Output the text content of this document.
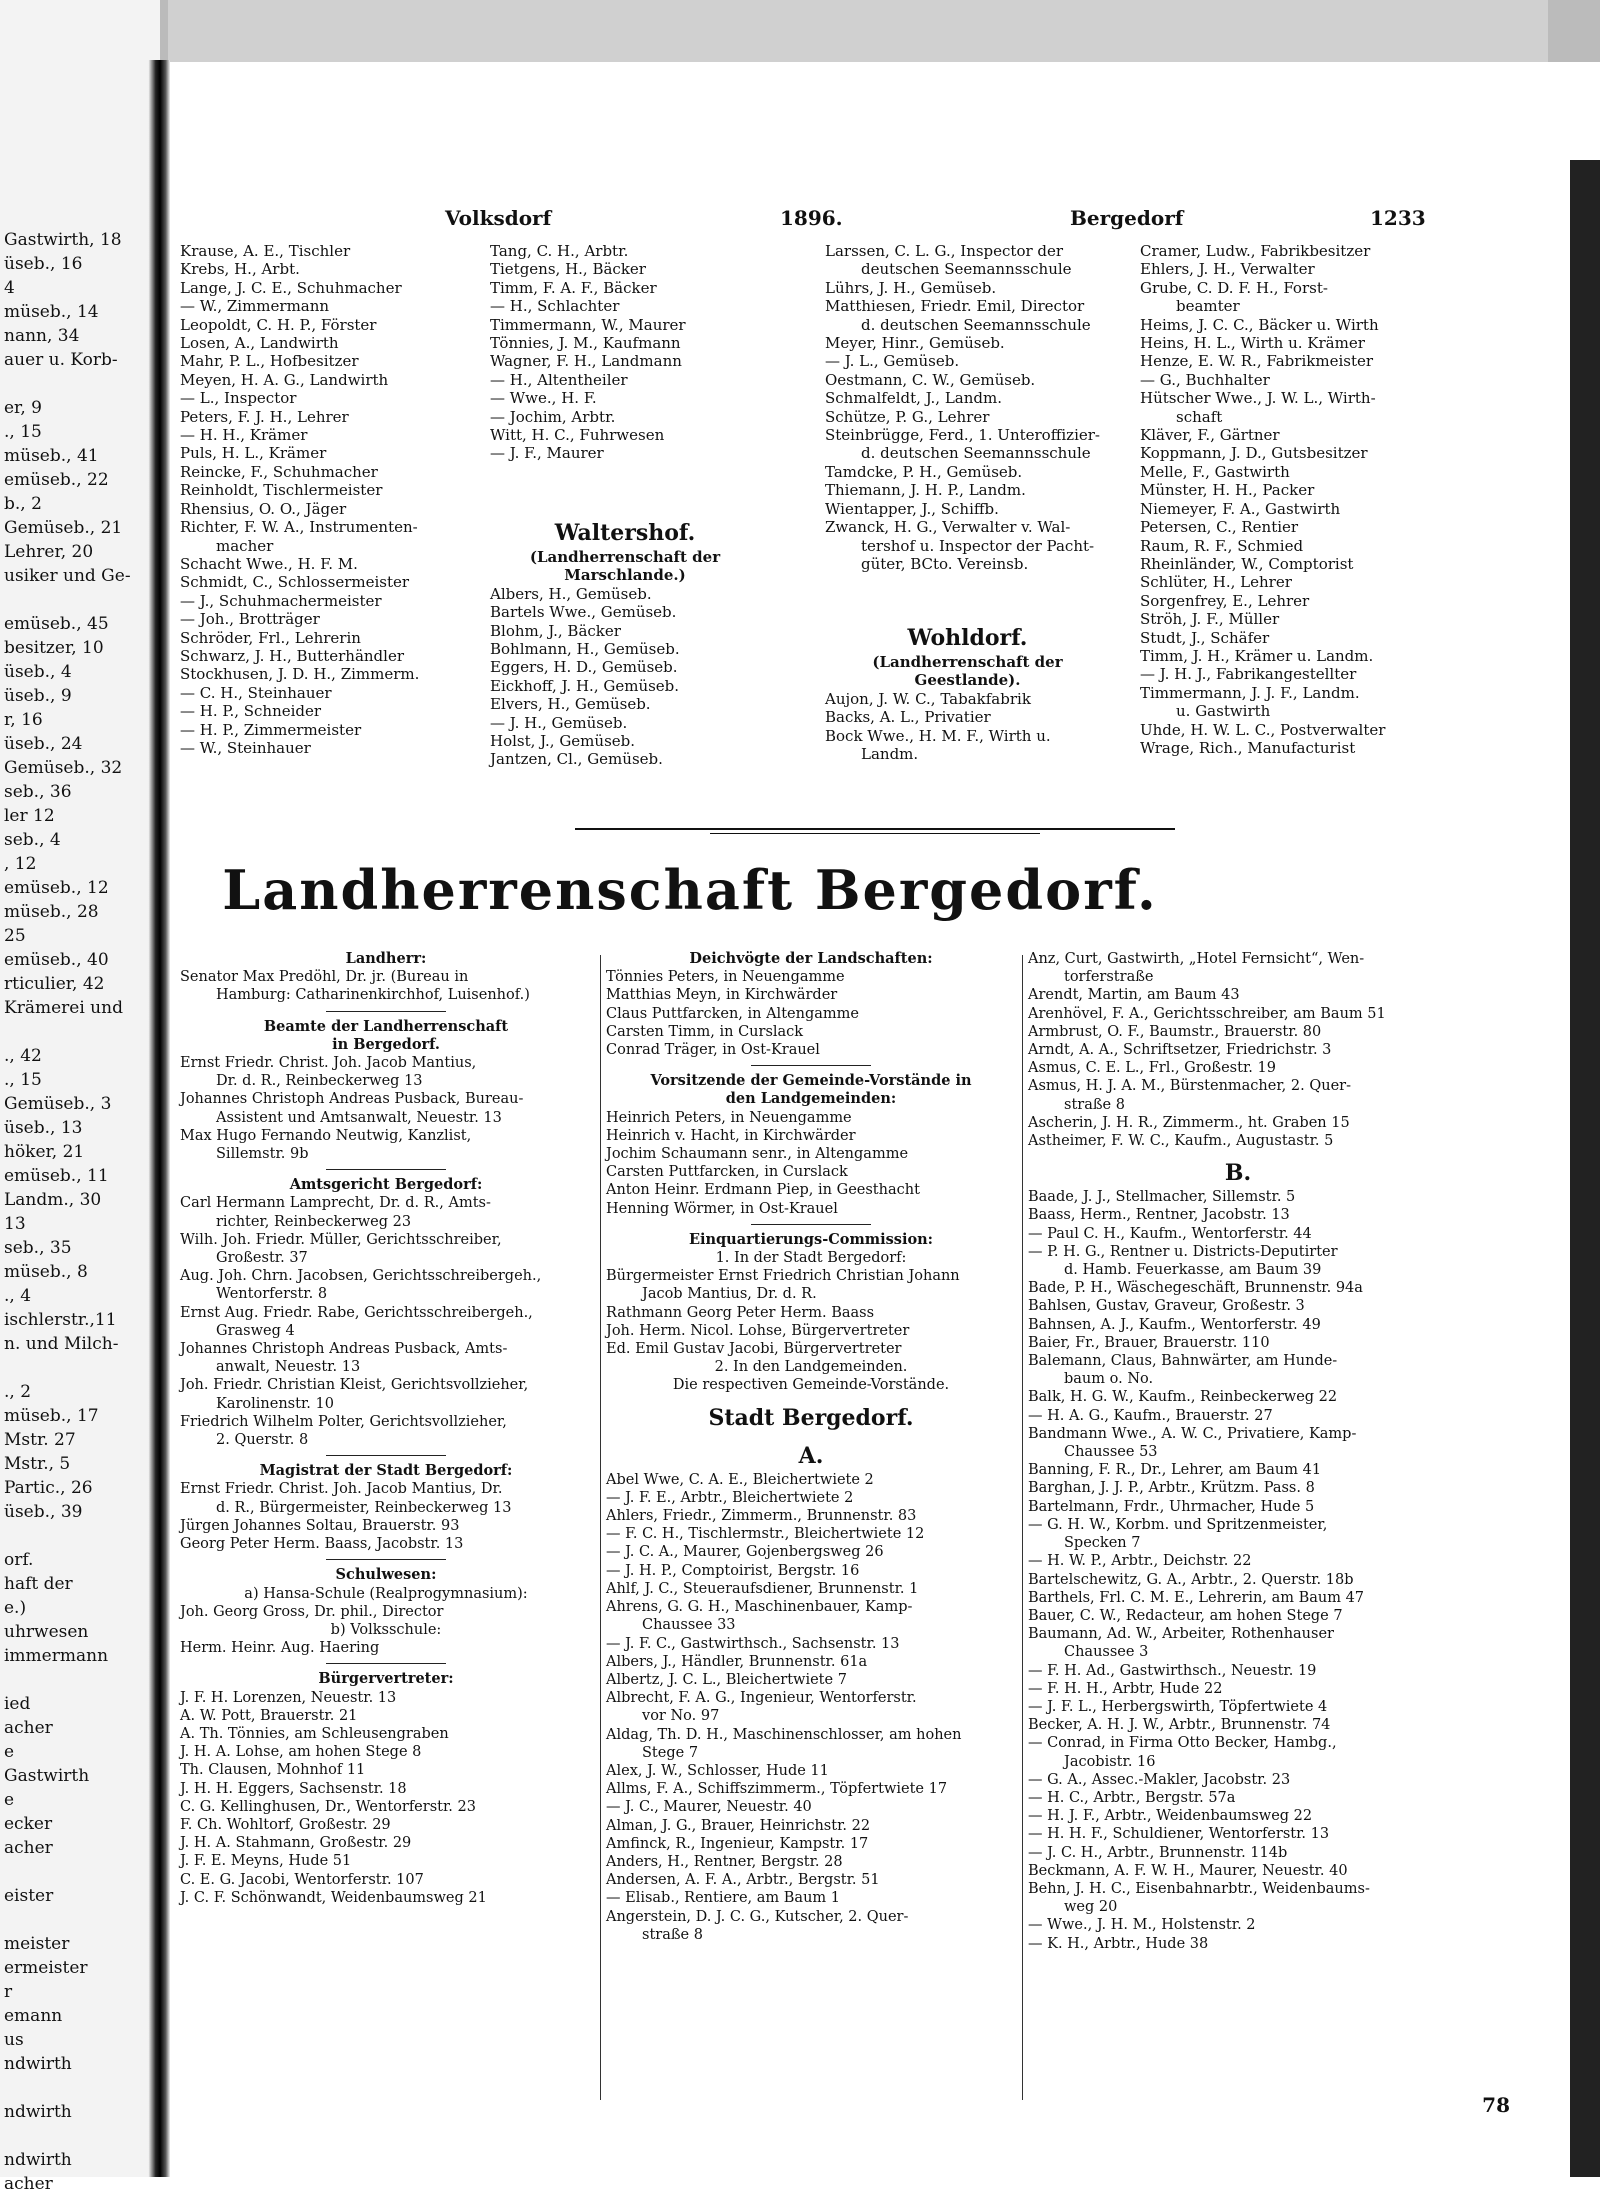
Gastwirth, 18
üseb., 16
4
müseb., 14
nann, 34
auer u. Korb-
er, 9
., 15
müseb., 41
emüseb., 22
b., 2
Gemüseb., 21
Lehrer, 20
usiker und Ge-
emüseb., 45
besitzer, 10
üseb., 4
üseb., 9
r, 16
üseb., 24
Gemüseb., 32
seb., 36
ler 12
seb., 4
, 12
emüseb., 12
müseb., 28
25
emüseb., 40
rticulier, 42
Krämerei und
., 42
., 15
Gemüseb., 3
üseb., 13
höker, 21
emüseb., 11
Landm., 30
13
seb., 35
müseb., 8
., 4
ischlerstr.,11
n. und Milch-
., 2
müseb., 17
Mstr. 27
Mstr., 5
Partic., 26
üseb., 39
orf.
haft der
e.)
uhrwesen
immermann
ied
acher
e
Gastwirth
e
ecker
acher
eister
meister
ermeister
r
emann
us
ndwirth
ndwirth
ndwirth
acher
Volksdorf	1896.	Bergedorf	1233
Krause, A. E., Tischler
Krebs, H., Arbt.
Lange, J. C. E., Schuhmacher
— W., Zimmermann
Leopoldt, C. H. P., Förster
Losen, A., Landwirth
Mahr, P. L., Hofbesitzer
Meyen, H. A. G., Landwirth
— L., Inspector
Peters, F. J. H., Lehrer
— H. H., Krämer
Puls, H. L., Krämer
Reincke, F., Schuhmacher
Reinholdt, Tischlermeister
Rhensius, O. O., Jäger
Richter, F. W. A., Instrumenten-
macher
Schacht Wwe., H. F. M.
Schmidt, C., Schlossermeister
— J., Schuhmachermeister
— Joh., Brotträger
Schröder, Frl., Lehrerin
Schwarz, J. H., Butterhändler
Stockhusen, J. D. H., Zimmerm.
— C. H., Steinhauer
— H. P., Schneider
— H. P., Zimmermeister
— W., Steinhauer
Tang, C. H., Arbtr.
Tietgens, H., Bäcker
Timm, F. A. F., Bäcker
— H., Schlachter
Timmermann, W., Maurer
Tönnies, J. M., Kaufmann
Wagner, F. H., Landmann
— H., Altentheiler
— Wwe., H. F.
— Jochim, Arbtr.
Witt, H. C., Fuhrwesen
— J. F., Maurer
Larssen, C. L. G., Inspector der
deutschen Seemannsschule
Lührs, J. H., Gemüseb.
Matthiesen, Friedr. Emil, Director
d. deutschen Seemannsschule
Meyer, Hinr., Gemüseb.
— J. L., Gemüseb.
Oestmann, C. W., Gemüseb.
Schmalfeldt, J., Landm.
Schütze, P. G., Lehrer
Steinbrügge, Ferd., 1. Unteroffizier-
d. deutschen Seemannsschule
Tamdcke, P. H., Gemüseb.
Thiemann, J. H. P., Landm.
Wientapper, J., Schiffb.
Zwanck, H. G., Verwalter v. Wal-
tershof u. Inspector der Pacht-
güter, BCto. Vereinsb.
Cramer, Ludw., Fabrikbesitzer
Ehlers, J. H., Verwalter
Grube, C. D. F. H., Forst-
beamter
Heims, J. C. C., Bäcker u. Wirth
Heins, H. L., Wirth u. Krämer
Henze, E. W. R., Fabrikmeister
— G., Buchhalter
Hütscher Wwe., J. W. L., Wirth-
schaft
Kläver, F., Gärtner
Koppmann, J. D., Gutsbesitzer
Melle, F., Gastwirth
Münster, H. H., Packer
Niemeyer, F. A., Gastwirth
Petersen, C., Rentier
Raum, R. F., Schmied
Rheinländer, W., Comptorist
Schlüter, H., Lehrer
Sorgenfrey, E., Lehrer
Ströh, J. F., Müller
Studt, J., Schäfer
Timm, J. H., Krämer u. Landm.
— J. H. J., Fabrikangestellter
Timmermann, J. J. F., Landm.
u. Gastwirth
Uhde, H. W. L. C., Postverwalter
Wrage, Rich., Manufacturist
Waltershof.
(Landherrenschaft der
Marschlande.)
Albers, H., Gemüseb.
Bartels Wwe., Gemüseb.
Blohm, J., Bäcker
Bohlmann, H., Gemüseb.
Eggers, H. D., Gemüseb.
Eickhoff, J. H., Gemüseb.
Elvers, H., Gemüseb.
— J. H., Gemüseb.
Holst, J., Gemüseb.
Jantzen, Cl., Gemüseb.
Wohldorf.
(Landherrenschaft der
Geestlande).
Aujon, J. W. C., Tabakfabrik
Backs, A. L., Privatier
Bock Wwe., H. M. F., Wirth u.
Landm.
Landherrenschaft Bergedorf.
Landherr:
Senator Max Predöhl, Dr. jr. (Bureau in
Hamburg: Catharinenkirchhof, Luisenhof.)
Beamte der Landherrenschaft
in Bergedorf.
Ernst Friedr. Christ. Joh. Jacob Mantius,
Dr. d. R., Reinbeckerweg 13
Johannes Christoph Andreas Pusback, Bureau-
Assistent und Amtsanwalt, Neuestr. 13
Max Hugo Fernando Neutwig, Kanzlist,
Sillemstr. 9b
Amtsgericht Bergedorf:
Carl Hermann Lamprecht, Dr. d. R., Amts-
richter, Reinbeckerweg 23
Wilh. Joh. Friedr. Müller, Gerichtsschreiber,
Großestr. 37
Aug. Joh. Chrn. Jacobsen, Gerichtsschreibergeh.,
Wentorferstr. 8
Ernst Aug. Friedr. Rabe, Gerichtsschreibergeh.,
Grasweg 4
Johannes Christoph Andreas Pusback, Amts-
anwalt, Neuestr. 13
Joh. Friedr. Christian Kleist, Gerichtsvollzieher,
Karolinenstr. 10
Friedrich Wilhelm Polter, Gerichtsvollzieher,
2. Querstr. 8
Magistrat der Stadt Bergedorf:
Ernst Friedr. Christ. Joh. Jacob Mantius, Dr.
d. R., Bürgermeister, Reinbeckerweg 13
Jürgen Johannes Soltau, Brauerstr. 93
Georg Peter Herm. Baass, Jacobstr. 13
Schulwesen:
a) Hansa-Schule (Realprogymnasium):
Joh. Georg Gross, Dr. phil., Director
b) Volksschule:
Herm. Heinr. Aug. Haering
Bürgervertreter:
J. F. H. Lorenzen, Neuestr. 13
A. W. Pott, Brauerstr. 21
A. Th. Tönnies, am Schleusengraben
J. H. A. Lohse, am hohen Stege 8
Th. Clausen, Mohnhof 11
J. H. H. Eggers, Sachsenstr. 18
C. G. Kellinghusen, Dr., Wentorferstr. 23
F. Ch. Wohltorf, Großestr. 29
J. H. A. Stahmann, Großestr. 29
J. F. E. Meyns, Hude 51
C. E. G. Jacobi, Wentorferstr. 107
J. C. F. Schönwandt, Weidenbaumsweg 21
Deichvögte der Landschaften:
Tönnies Peters, in Neuengamme
Matthias Meyn, in Kirchwärder
Claus Puttfarcken, in Altengamme
Carsten Timm, in Curslack
Conrad Träger, in Ost-Krauel
Vorsitzende der Gemeinde-Vorstände in
den Landgemeinden:
Heinrich Peters, in Neuengamme
Heinrich v. Hacht, in Kirchwärder
Jochim Schaumann senr., in Altengamme
Carsten Puttfarcken, in Curslack
Anton Heinr. Erdmann Piep, in Geesthacht
Henning Wörmer, in Ost-Krauel
Einquartierungs-Commission:
1. In der Stadt Bergedorf:
Bürgermeister Ernst Friedrich Christian Johann
Jacob Mantius, Dr. d. R.
Rathmann Georg Peter Herm. Baass
Joh. Herm. Nicol. Lohse, Bürgervertreter
Ed. Emil Gustav Jacobi, Bürgervertreter
2. In den Landgemeinden.
Die respectiven Gemeinde-Vorstände.
Stadt Bergedorf.
A.
Abel Wwe, C. A. E., Bleichertwiete 2
— J. F. E., Arbtr., Bleichertwiete 2
Ahlers, Friedr., Zimmerm., Brunnenstr. 83
— F. C. H., Tischlermstr., Bleichertwiete 12
— J. C. A., Maurer, Gojenbergsweg 26
— J. H. P., Comptoirist, Bergstr. 16
Ahlf, J. C., Steueraufsdiener, Brunnenstr. 1
Ahrens, G. G. H., Maschinenbauer, Kamp-
Chaussee 33
— J. F. C., Gastwirthsch., Sachsenstr. 13
Albers, J., Händler, Brunnenstr. 61a
Albertz, J. C. L., Bleichertwiete 7
Albrecht, F. A. G., Ingenieur, Wentorferstr.
vor No. 97
Aldag, Th. D. H., Maschinenschlosser, am hohen
Stege 7
Alex, J. W., Schlosser, Hude 11
Allms, F. A., Schiffszimmerm., Töpfertwiete 17
— J. C., Maurer, Neuestr. 40
Alman, J. G., Brauer, Heinrichstr. 22
Amfinck, R., Ingenieur, Kampstr. 17
Anders, H., Rentner, Bergstr. 28
Andersen, A. F. A., Arbtr., Bergstr. 51
— Elisab., Rentiere, am Baum 1
Angerstein, D. J. C. G., Kutscher, 2. Quer-
straße 8
Anz, Curt, Gastwirth, „Hotel Fernsicht“, Wen-
torferstraße
Arendt, Martin, am Baum 43
Arenhövel, F. A., Gerichtsschreiber, am Baum 51
Armbrust, O. F., Baumstr., Brauerstr. 80
Arndt, A. A., Schriftsetzer, Friedrichstr. 3
Asmus, C. E. L., Frl., Großestr. 19
Asmus, H. J. A. M., Bürstenmacher, 2. Quer-
straße 8
Ascherin, J. H. R., Zimmerm., ht. Graben 15
Astheimer, F. W. C., Kaufm., Augustastr. 5
B.
Baade, J. J., Stellmacher, Sillemstr. 5
Baass, Herm., Rentner, Jacobstr. 13
— Paul C. H., Kaufm., Wentorferstr. 44
— P. H. G., Rentner u. Districts-Deputirter
d. Hamb. Feuerkasse, am Baum 39
Bade, P. H., Wäschegeschäft, Brunnenstr. 94a
Bahlsen, Gustav, Graveur, Großestr. 3
Bahnsen, A. J., Kaufm., Wentorferstr. 49
Baier, Fr., Brauer, Brauerstr. 110
Balemann, Claus, Bahnwärter, am Hunde-
baum o. No.
Balk, H. G. W., Kaufm., Reinbeckerweg 22
— H. A. G., Kaufm., Brauerstr. 27
Bandmann Wwe., A. W. C., Privatiere, Kamp-
Chaussee 53
Banning, F. R., Dr., Lehrer, am Baum 41
Barghan, J. J. P., Arbtr., Krützm. Pass. 8
Bartelmann, Frdr., Uhrmacher, Hude 5
— G. H. W., Korbm. und Spritzenmeister,
Specken 7
— H. W. P., Arbtr., Deichstr. 22
Bartelschewitz, G. A., Arbtr., 2. Querstr. 18b
Barthels, Frl. C. M. E., Lehrerin, am Baum 47
Bauer, C. W., Redacteur, am hohen Stege 7
Baumann, Ad. W., Arbeiter, Rothenhauser
Chaussee 3
— F. H. Ad., Gastwirthsch., Neuestr. 19
— F. H. H., Arbtr, Hude 22
— J. F. L., Herbergswirth, Töpfertwiete 4
Becker, A. H. J. W., Arbtr., Brunnenstr. 74
— Conrad, in Firma Otto Becker, Hambg.,
Jacobistr. 16
— G. A., Assec.-Makler, Jacobstr. 23
— H. C., Arbtr., Bergstr. 57a
— H. J. F., Arbtr., Weidenbaumsweg 22
— H. H. F., Schuldiener, Wentorferstr. 13
— J. C. H., Arbtr., Brunnenstr. 114b
Beckmann, A. F. W. H., Maurer, Neuestr. 40
Behn, J. H. C., Eisenbahnarbtr., Weidenbaums-
weg 20
— Wwe., J. H. M., Holstenstr. 2
— K. H., Arbtr., Hude 38
78
